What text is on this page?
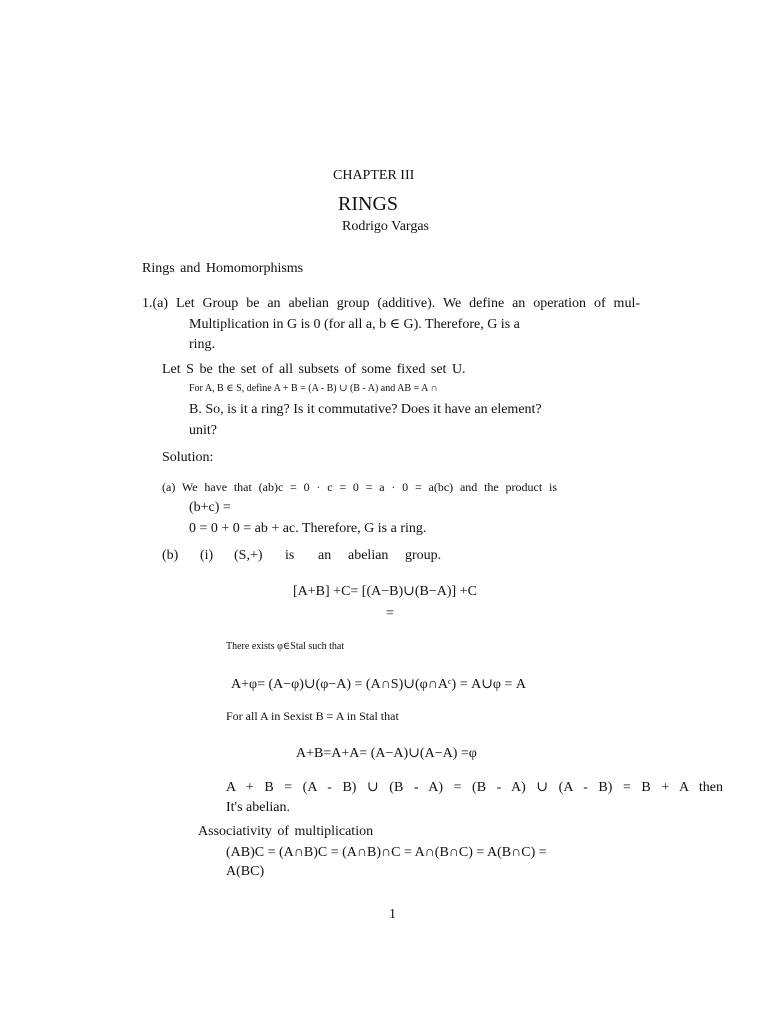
CHAPTER III
RINGS
Rodrigo Vargas
Rings and Homomorphisms
1.(a) Let Group be an abelian group (additive). We define an operation of mul-
Multiplication in G is 0 (for all a, b ∈ G). Therefore, G is a
ring.
Let S be the set of all subsets of some fixed set U.
For A, B ∈ S, define A + B = (A - B) ∪ (B - A) and AB = A ∩
B. So, is it a ring? Is it commutative? Does it have an element?
unit?
Solution:
(a) We have that (ab)c = 0 · c = 0 = a · 0 = a(bc) and the product is
(b+c) =
0 = 0 + 0 = ab + ac. Therefore, G is a ring.
(b) (i) (S,+) is an abelian group.
[A+B] +C= [(A−B)∪(B−A)] +C
=
There exists φ∈Stal such that
A+φ= (A−φ)∪(φ−A) = (A∩S)∪(φ∩Aᶜ) = A∪φ = A
For all A in Sexist B = A in Stal that
A+B=A+A= (A−A)∪(A−A) =φ
A + B = (A - B) ∪ (B - A) = (B - A) ∪ (A - B) = B + A then
It's abelian.
Associativity of multiplication
(AB)C = (A∩B)C = (A∩B)∩C = A∩(B∩C) = A(B∩C) =
A(BC)
1
